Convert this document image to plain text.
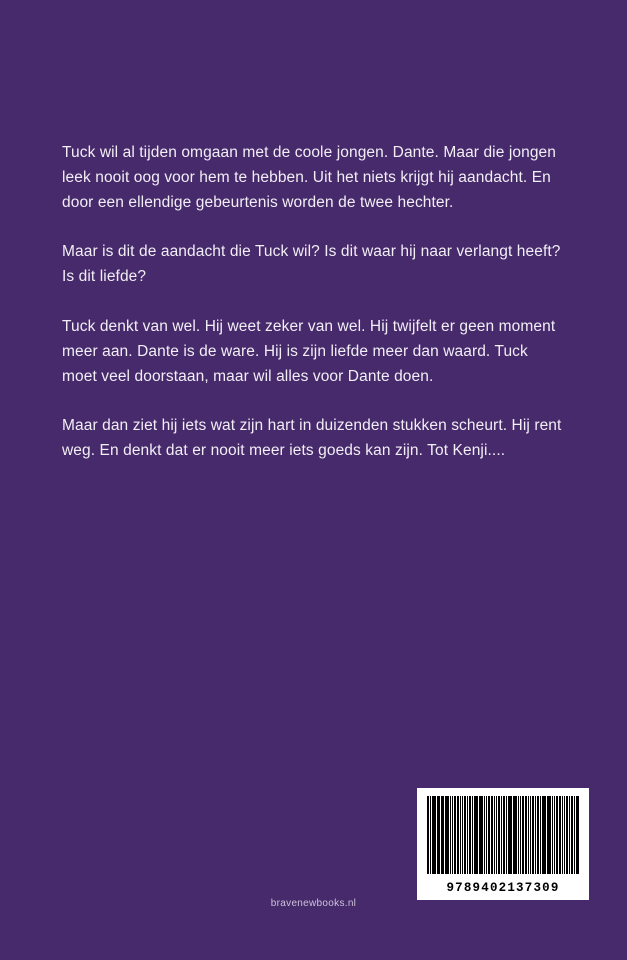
Tuck wil al tijden omgaan met de coole jongen. Dante. Maar die jongen leek nooit oog voor hem te hebben. Uit het niets krijgt hij aandacht. En door een ellendige gebeurtenis worden de twee hechter.

Maar is dit de aandacht die Tuck wil? Is dit waar hij naar verlangt heeft? Is dit liefde?

Tuck denkt van wel. Hij weet zeker van wel. Hij twijfelt er geen moment meer aan. Dante is de ware. Hij is zijn liefde meer dan waard. Tuck moet veel doorstaan, maar wil alles voor Dante doen.

Maar dan ziet hij iets wat zijn hart in duizenden stukken scheurt. Hij rent weg. En denkt dat er nooit meer iets goeds kan zijn. Tot Kenji....

9789402137309
bravenewbooks.nl
